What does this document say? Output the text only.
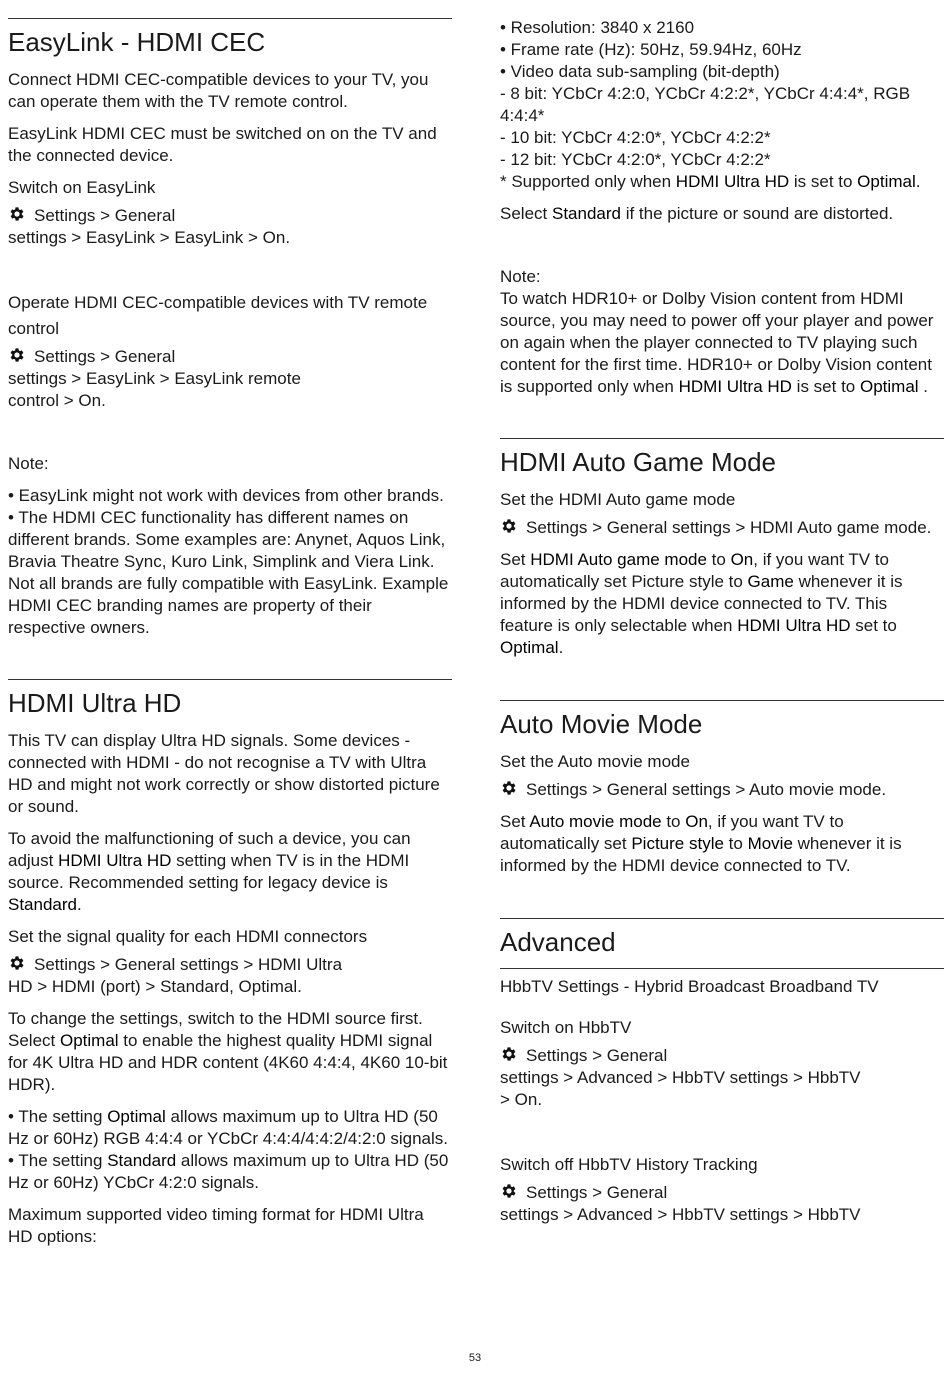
EasyLink - HDMI CEC

Connect HDMI CEC-compatible devices to your TV, you can operate them with the TV remote control.

EasyLink HDMI CEC must be switched on on the TV and the connected device.

Switch on EasyLink

Settings > General
settings > EasyLink > EasyLink > On.

Operate HDMI CEC-compatible devices with TV remote control

Settings > General
settings > EasyLink > EasyLink remote
control > On.

Note:

• EasyLink might not work with devices from other brands.

• The HDMI CEC functionality has different names on different brands. Some examples are: Anynet, Aquos Link, Bravia Theatre Sync, Kuro Link, Simplink and Viera Link. Not all brands are fully compatible with EasyLink. Example HDMI CEC branding names are property of their respective owners.

HDMI Ultra HD

This TV can display Ultra HD signals. Some devices - connected with HDMI - do not recognise a TV with Ultra HD and might not work correctly or show distorted picture or sound.

To avoid the malfunctioning of such a device, you can adjust HDMI Ultra HD setting when TV is in the HDMI source. Recommended setting for legacy device is Standard.

Set the signal quality for each HDMI connectors

Settings > General settings > HDMI Ultra
HD > HDMI (port) > Standard, Optimal.

To change the settings, switch to the HDMI source first. Select Optimal to enable the highest quality HDMI signal for 4K Ultra HD and HDR content (4K60 4:4:4, 4K60 10-bit HDR).

• The setting Optimal allows maximum up to Ultra HD (50 Hz or 60Hz) RGB 4:4:4 or YCbCr 4:4:4/4:4:2/4:2:0 signals.

• The setting Standard allows maximum up to Ultra HD (50 Hz or 60Hz) YCbCr 4:2:0 signals.

Maximum supported video timing format for HDMI Ultra HD options:

• Resolution: 3840 x 2160

• Frame rate (Hz): 50Hz, 59.94Hz, 60Hz

• Video data sub-sampling (bit-depth)

- 8 bit: YCbCr 4:2:0, YCbCr 4:2:2*, YCbCr 4:4:4*, RGB 4:4:4*

- 10 bit: YCbCr 4:2:0*, YCbCr 4:2:2*

- 12 bit: YCbCr 4:2:0*, YCbCr 4:2:2*

* Supported only when HDMI Ultra HD is set to Optimal.

Select Standard if the picture or sound are distorted.

Note:

To watch HDR10+ or Dolby Vision content from HDMI source, you may need to power off your player and power on again when the player connected to TV playing such content for the first time. HDR10+ or Dolby Vision content is supported only when HDMI Ultra HD is set to Optimal .

HDMI Auto Game Mode
Set the HDMI Auto game mode

Settings > General settings > HDMI Auto game mode.

Set HDMI Auto game mode to On, if you want TV to automatically set Picture style to Game whenever it is informed by the HDMI device connected to TV. This feature is only selectable when HDMI Ultra HD set to Optimal.

Auto Movie Mode
Set the Auto movie mode

Settings > General settings > Auto movie mode.

Set Auto movie mode to On, if you want TV to automatically set Picture style to Movie whenever it is informed by the HDMI device connected to TV.

Advanced
HbbTV Settings - Hybrid Broadcast Broadband TV
Switch on HbbTV

Settings > General
settings > Advanced > HbbTV settings > HbbTV
> On.

Switch off HbbTV History Tracking

Settings > General
settings > Advanced > HbbTV settings > HbbTV

53
